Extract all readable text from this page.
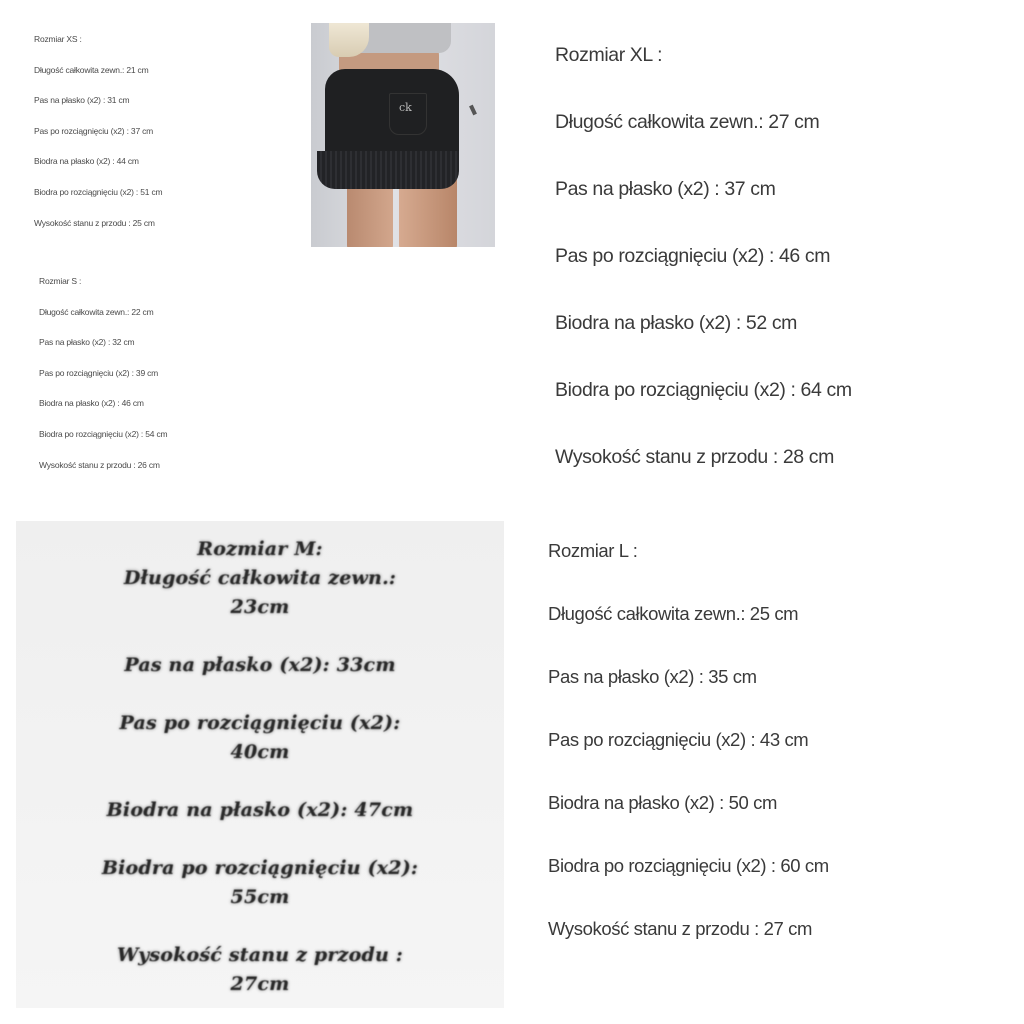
Rozmiar XS :
Długość całkowita zewn.: 21 cm
Pas na płasko (x2) : 31 cm
Pas po rozciągnięciu (x2) : 37 cm
Biodra na płasko (x2) : 44 cm
Biodra po rozciągnięciu (x2) : 51 cm
Wysokość stanu z przodu : 25 cm
ck
Rozmiar S :
Długość całkowita zewn.: 22 cm
Pas na płasko (x2) : 32 cm
Pas po rozciągnięciu (x2) : 39 cm
Biodra na płasko (x2) : 46 cm
Biodra po rozciągnięciu (x2) : 54 cm
Wysokość stanu z przodu : 26 cm
Rozmiar XL :
Długość całkowita zewn.: 27 cm
Pas na płasko (x2) : 37 cm
Pas po rozciągnięciu (x2) : 46 cm
Biodra na płasko (x2) : 52 cm
Biodra po rozciągnięciu (x2) : 64 cm
Wysokość stanu z przodu : 28 cm
Rozmiar M:
Długość całkowita zewn.:
23cm
Pas na płasko (x2): 33cm
Pas po rozciągnięciu (x2):
40cm
Biodra na płasko (x2): 47cm
Biodra po rozciągnięciu (x2):
55cm
Wysokość stanu z przodu :
27cm
Rozmiar L :
Długość całkowita zewn.: 25 cm
Pas na płasko (x2) : 35 cm
Pas po rozciągnięciu (x2) : 43 cm
Biodra na płasko (x2) : 50 cm
Biodra po rozciągnięciu (x2) : 60 cm
Wysokość stanu z przodu : 27 cm
